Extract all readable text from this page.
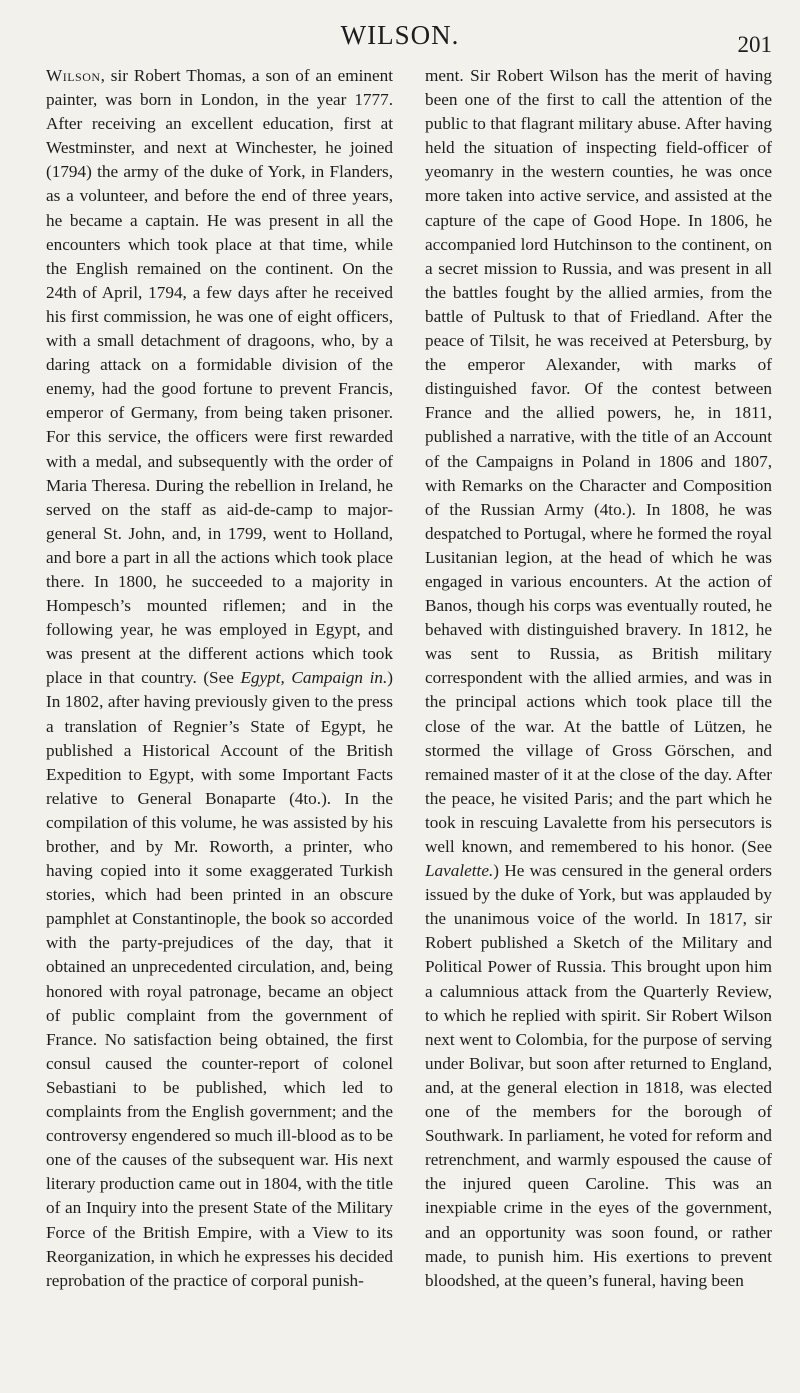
WILSON.	201

Wilson, sir Robert Thomas, a son of an eminent painter, was born in London, in the year 1777. After receiving an excellent education, first at Westminster, and next at Winchester, he joined (1794) the army of the duke of York, in Flanders, as a volunteer, and before the end of three years, he became a captain. He was present in all the encounters which took place at that time, while the English remained on the continent. On the 24th of April, 1794, a few days after he received his first commission, he was one of eight officers, with a small detachment of dragoons, who, by a daring attack on a formidable division of the enemy, had the good fortune to prevent Francis, emperor of Germany, from being taken prisoner. For this service, the officers were first rewarded with a medal, and subsequently with the order of Maria Theresa. During the rebellion in Ireland, he served on the staff as aid-de-camp to major-general St. John, and, in 1799, went to Holland, and bore a part in all the actions which took place there. In 1800, he succeeded to a majority in Hompesch’s mounted riflemen; and in the following year, he was employed in Egypt, and was present at the different actions which took place in that country. (See Egypt, Campaign in.) In 1802, after having previously given to the press a translation of Regnier’s State of Egypt, he published a Historical Account of the British Expedition to Egypt, with some Important Facts relative to General Bonaparte (4to.). In the compilation of this volume, he was assisted by his brother, and by Mr. Roworth, a printer, who having copied into it some exaggerated Turkish stories, which had been printed in an obscure pamphlet at Constantinople, the book so accorded with the party-prejudices of the day, that it obtained an unprecedented circulation, and, being honored with royal patronage, became an object of public complaint from the government of France. No satisfaction being obtained, the first consul caused the counter-report of colonel Sebastiani to be published, which led to complaints from the English government; and the controversy engendered so much ill-blood as to be one of the causes of the subsequent war. His next literary production came out in 1804, with the title of an Inquiry into the present State of the Military Force of the British Empire, with a View to its Reorganization, in which he expresses his decided reprobation of the practice of corporal punish-

ment. Sir Robert Wilson has the merit of having been one of the first to call the attention of the public to that flagrant military abuse. After having held the situation of inspecting field-officer of yeomanry in the western counties, he was once more taken into active service, and assisted at the capture of the cape of Good Hope. In 1806, he accompanied lord Hutchinson to the continent, on a secret mission to Russia, and was present in all the battles fought by the allied armies, from the battle of Pultusk to that of Friedland. After the peace of Tilsit, he was received at Petersburg, by the emperor Alexander, with marks of distinguished favor. Of the contest between France and the allied powers, he, in 1811, published a narrative, with the title of an Account of the Campaigns in Poland in 1806 and 1807, with Remarks on the Character and Composition of the Russian Army (4to.). In 1808, he was despatched to Portugal, where he formed the royal Lusitanian legion, at the head of which he was engaged in various encounters. At the action of Banos, though his corps was eventually routed, he behaved with distinguished bravery. In 1812, he was sent to Russia, as British military correspondent with the allied armies, and was in the principal actions which took place till the close of the war. At the battle of Lützen, he stormed the village of Gross Görschen, and remained master of it at the close of the day. After the peace, he visited Paris; and the part which he took in rescuing Lavalette from his persecutors is well known, and remembered to his honor. (See Lavalette.) He was censured in the general orders issued by the duke of York, but was applauded by the unanimous voice of the world. In 1817, sir Robert published a Sketch of the Military and Political Power of Russia. This brought upon him a calumnious attack from the Quarterly Review, to which he replied with spirit. Sir Robert Wilson next went to Colombia, for the purpose of serving under Bolivar, but soon after returned to England, and, at the general election in 1818, was elected one of the members for the borough of Southwark. In parliament, he voted for reform and retrenchment, and warmly espoused the cause of the injured queen Caroline. This was an inexpiable crime in the eyes of the government, and an opportunity was soon found, or rather made, to punish him. His exertions to prevent bloodshed, at the queen’s funeral, having been
